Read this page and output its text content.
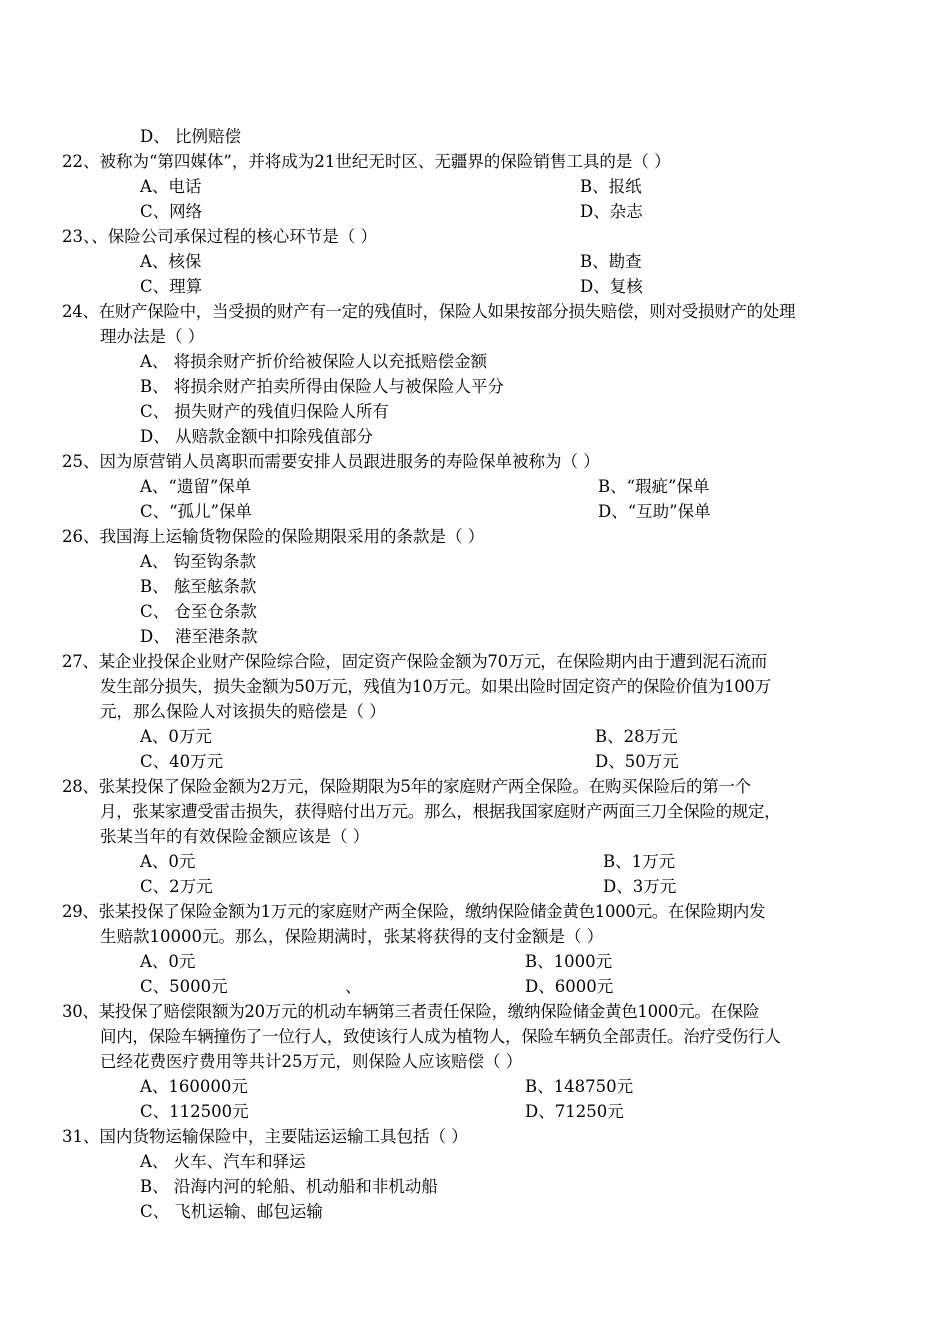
D、 比例赔偿
22、被称为“第四媒体”，并将成为21世纪无时区、无疆界的保险销售工具的是（ ）
A、电话	B、报纸
C、网络	D、杂志
23、、保险公司承保过程的核心环节是（ ）
A、核保	B、勘查
C、理算	D、复核
24、在财产保险中，当受损的财产有一定的残值时，保险人如果按部分损失赔偿，则对受损财产的处理
理办法是（ ）
A、 将损余财产折价给被保险人以充抵赔偿金额
B、 将损余财产拍卖所得由保险人与被保险人平分
C、 损失财产的残值归保险人所有
D、 从赔款金额中扣除残值部分
25、因为原营销人员离职而需要安排人员跟进服务的寿险保单被称为（ ）
A、“遗留”保单	B、“瑕疵”保单
C、“孤儿”保单	D、“互助”保单
26、我国海上运输货物保险的保险期限采用的条款是（ ）
A、 钩至钩条款
B、 舷至舷条款
C、 仓至仓条款
D、 港至港条款
27、某企业投保企业财产保险综合险，固定资产保险金额为70万元，在保险期内由于遭到泥石流而
发生部分损失，损失金额为50万元，残值为10万元。如果出险时固定资产的保险价值为100万
元，那么保险人对该损失的赔偿是（ ）
A、0万元	B、28万元
C、40万元	D、50万元
28、张某投保了保险金额为2万元，保险期限为5年的家庭财产两全保险。在购买保险后的第一个
月，张某家遭受雷击损失，获得赔付出万元。那么，根据我国家庭财产两面三刀全保险的规定，
张某当年的有效保险金额应该是（ ）
A、0元	B、1万元
C、2万元	D、3万元
29、张某投保了保险金额为1万元的家庭财产两全保险，缴纳保险储金黄色1000元。在保险期内发
生赔款10000元。那么，保险期满时，张某将获得的支付金额是（ ）
A、0元	B、1000元
C、5000元	、	D、6000元
30、某投保了赔偿限额为20万元的机动车辆第三者责任保险，缴纳保险储金黄色1000元。在保险
间内，保险车辆撞伤了一位行人，致使该行人成为植物人，保险车辆负全部责任。治疗受伤行人
已经花费医疗费用等共计25万元，则保险人应该赔偿（ ）
A、160000元	B、148750元
C、112500元	D、71250元
31、国内货物运输保险中，主要陆运运输工具包括（ ）
A、 火车、汽车和驿运
B、 沿海内河的轮船、机动船和非机动船
C、 飞机运输、邮包运输
